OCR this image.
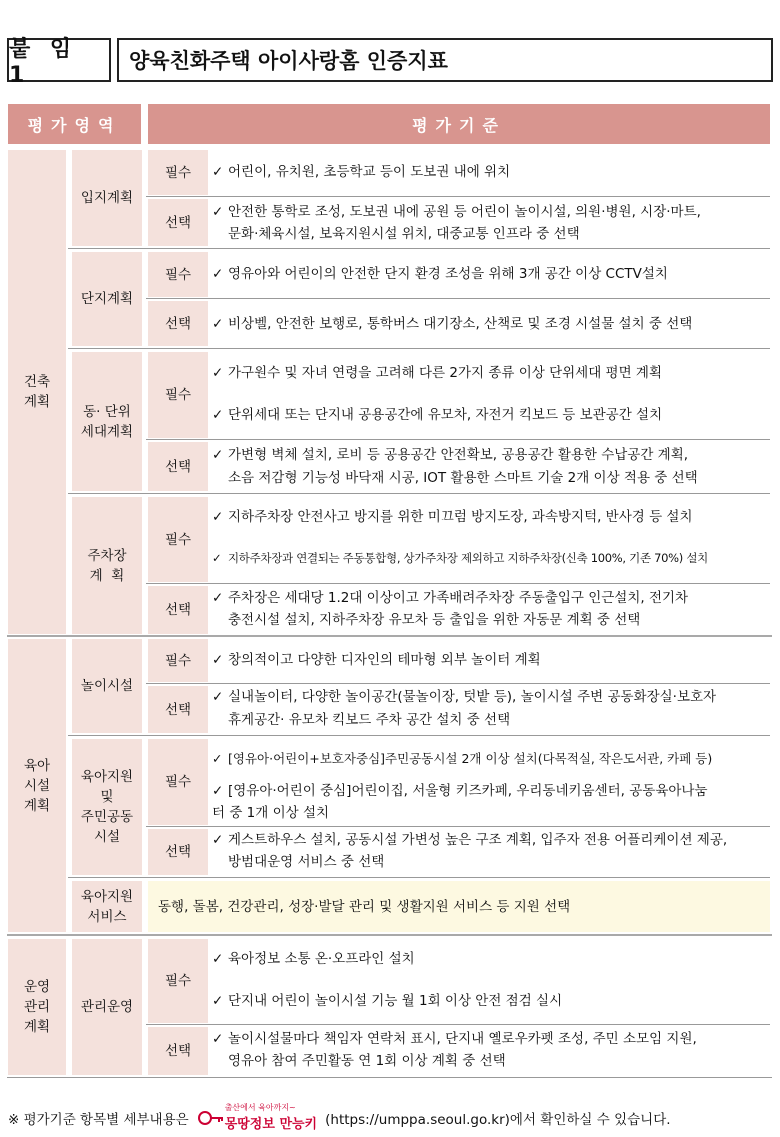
붙 임 1
양육친화주택 아이사랑홈 인증지표
평가영역	평가기준
건축
계획
육아
시설
계획
운영
관리
계획
입지계획
단지계획
동· 단위
세대계획
주차장
계  획
놀이시설
육아지원
및
주민공동
시설
육아지원
서비스
관리운영
필수
선택
필수
선택
필수
선택
필수
선택
필수
선택
필수
선택
필수
선택
✓ 어린이, 유치원, 초등학교 등이 도보권 내에 위치
✓ 안전한 통학로 조성, 도보권 내에 공원 등 어린이 놀이시설, 의원·병원, 시장·마트,
문화·체육시설, 보육지원시설 위치, 대중교통 인프라 중 선택
✓ 영유아와 어린이의 안전한 단지 환경 조성을 위해 3개 공간 이상 CCTV설치
✓ 비상벨, 안전한 보행로, 통학버스 대기장소, 산책로 및 조경 시설물 설치 중 선택
✓ 가구원수 및 자녀 연령을 고려해 다른 2가지 종류 이상 단위세대 평면 계획
✓ 단위세대 또는 단지내 공용공간에 유모차, 자전거 킥보드 등 보관공간 설치
✓ 가변형 벽체 설치, 로비 등 공용공간 안전확보, 공용공간 활용한 수납공간 계획,
소음 저감형 기능성 바닥재 시공, IOT 활용한 스마트 기술 2개 이상 적용 중 선택
✓ 지하주차장 안전사고 방지를 위한 미끄럼 방지도장, 과속방지턱, 반사경 등 설치
✓ 지하주차장과 연결되는 주동통합형, 상가주차장 제외하고 지하주차장(신축 100%, 기존 70%) 설치
✓ 주차장은 세대당 1.2대 이상이고 가족배려주차장 주동출입구 인근설치, 전기차
충전시설 설치, 지하주차장 유모차 등 출입을 위한 자동문 계획 중 선택
✓ 창의적이고 다양한 디자인의 테마형 외부 놀이터 계획
✓ 실내놀이터, 다양한 놀이공간(물놀이장, 텃밭 등), 놀이시설 주변 공동화장실·보호자
휴게공간· 유모차 킥보드 주차 공간 설치 중 선택
✓ [영유아·어린이+보호자중심]주민공동시설 2개 이상 설치(다목적실, 작은도서관, 카페 등)
✓ [영유아·어린이 중심]어린이집, 서울형 키즈카페, 우리동네키움센터, 공동육아나눔
터 중 1개 이상 설치
✓ 게스트하우스 설치, 공동시설 가변성 높은 구조 계획, 입주자 전용 어플리케이션 제공,
방범대운영 서비스 중 선택
동행, 돌봄, 건강관리, 성장·발달 관리 및 생활지원 서비스 등 지원 선택
✓ 육아정보 소통 온·오프라인 설치
✓ 단지내 어린이 놀이시설 기능 월 1회 이상 안전 점검 실시
✓ 놀이시설물마다 책임자 연락처 표시, 단지내 옐로우카펫 조성, 주민 소모임 지원,
영유아 참여 주민활동 연 1회 이상 계획 중 선택
※ 평가기준 항목별 세부내용은
출산에서 육아까지~
몽땅정보 만능키 (https://umppa.seoul.go.kr)에서 확인하실 수 있습니다.
